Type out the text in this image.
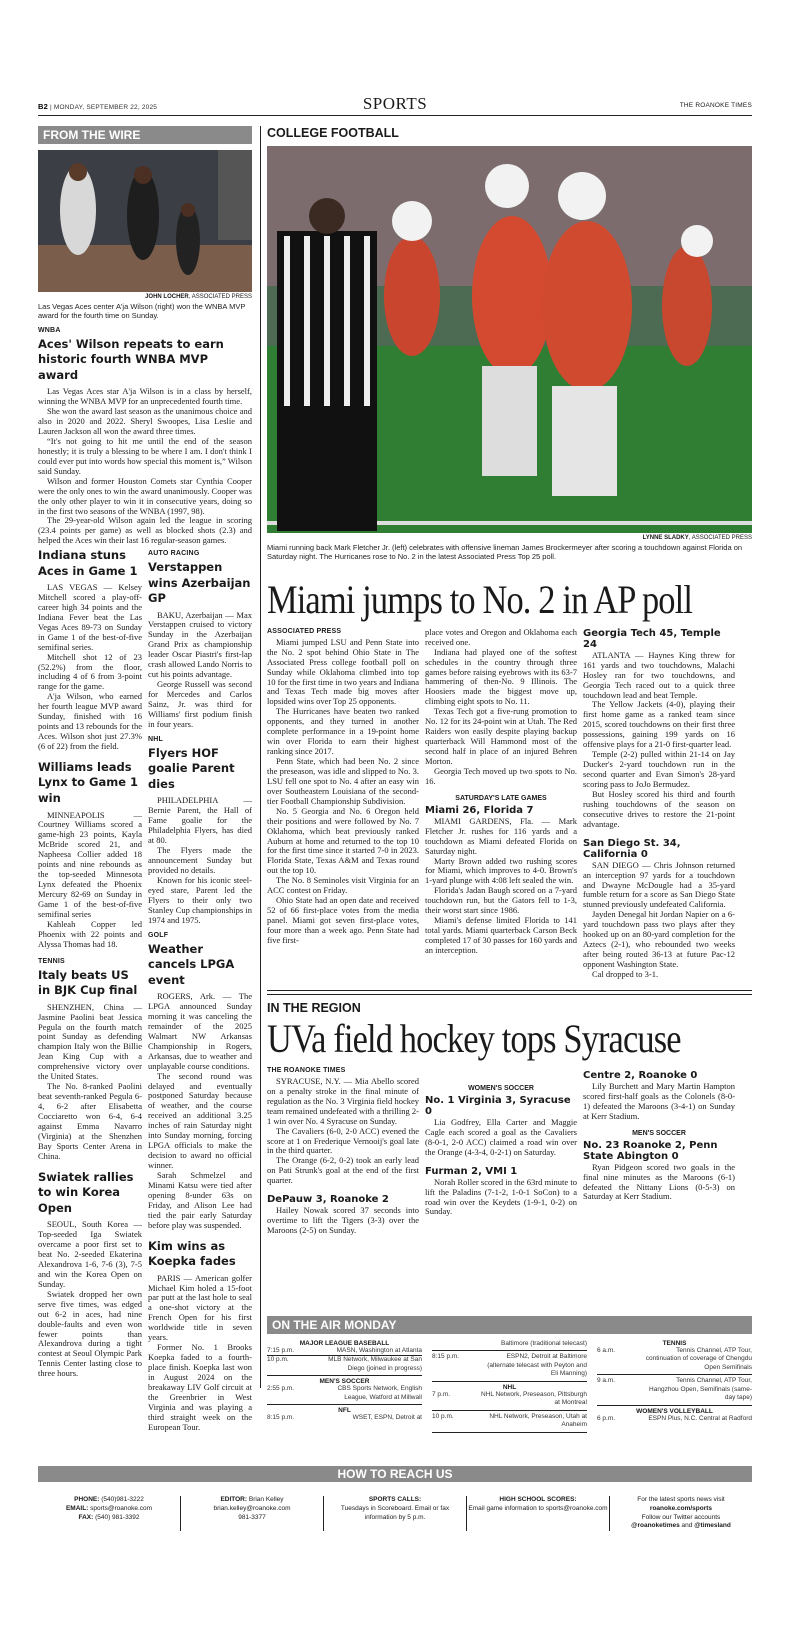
B2 | MONDAY, SEPTEMBER 22, 2025	SPORTS	THE ROANOKE TIMES
FROM THE WIRE
JOHN LOCHER, ASSOCIATED PRESS
Las Vegas Aces center A'ja Wilson (right) won the WNBA MVP award for the fourth time on Sunday.
WNBA
Aces' Wilson repeats to earn historic fourth WNBA MVP award

Las Vegas Aces star A'ja Wilson is in a class by herself, winning the WNBA MVP for an unprecedented fourth time.

She won the award last season as the unanimous choice and also in 2020 and 2022. Sheryl Swoopes, Lisa Leslie and Lauren Jackson all won the award three times.

“It's not going to hit me until the end of the season honestly; it is truly a blessing to be where I am. I don't think I could ever put into words how special this moment is,” Wilson said Sunday.

Wilson and former Houston Comets star Cynthia Cooper were the only ones to win the award unanimously. Cooper was the only other player to win it in consecutive years, doing so in the first two seasons of the WNBA (1997, 98).

The 29-year-old Wilson again led the league in scoring (23.4 points per game) as well as blocked shots (2.3) and helped the Aces win their last 16 regular-season games.

Indiana stuns Aces in Game 1

LAS VEGAS — Kelsey Mitchell scored a play-off-career high 34 points and the Indiana Fever beat the Las Vegas Aces 89-73 on Sunday in Game 1 of the best-of-five semifinal series.

Mitchell shot 12 of 23 (52.2%) from the floor, including 4 of 6 from 3-point range for the game.

A'ja Wilson, who earned her fourth league MVP award Sunday, finished with 16 points and 13 rebounds for the Aces. Wilson shot just 27.3% (6 of 22) from the field.

Williams leads Lynx to Game 1 win

MINNEAPOLIS — Courtney Williams scored a game-high 23 points, Kayla McBride scored 21, and Napheesa Collier added 18 points and nine rebounds as the top-seeded Minnesota Lynx defeated the Phoenix Mercury 82-69 on Sunday in Game 1 of the best-of-five semifinal series

Kahleah Copper led Phoenix with 22 points and Alyssa Thomas had 18.

TENNIS
Italy beats US in BJK Cup final

SHENZHEN, China — Jasmine Paolini beat Jessica Pegula on the fourth match point Sunday as defending champion Italy won the Billie Jean King Cup with a comprehensive victory over the United States.

The No. 8-ranked Paolini beat seventh-ranked Pegula 6-4, 6-2 after Elisabetta Cocciaretto won 6-4, 6-4 against Emma Navarro (Virginia) at the Shenzhen Bay Sports Center Arena in China.

Swiatek rallies to win Korea Open

SEOUL, South Korea — Top-seeded Iga Swiatek overcame a poor first set to beat No. 2-seeded Ekaterina Alexandrova 1-6, 7-6 (3), 7-5 and win the Korea Open on Sunday.

Swiatek dropped her own serve five times, was edged out 6-2 in aces, had nine double-faults and even won fewer points than Alexandrova during a tight contest at Seoul Olympic Park Tennis Center lasting close to three hours.

AUTO RACING
Verstappen wins Azerbaijan GP

BAKU, Azerbaijan — Max Verstappen cruised to victory Sunday in the Azerbaijan Grand Prix as championship leader Oscar Piastri's first-lap crash allowed Lando Norris to cut his points advantage.

George Russell was second for Mercedes and Carlos Sainz, Jr. was third for Williams' first podium finish in four years.

NHL
Flyers HOF goalie Parent dies

PHILADELPHIA — Bernie Parent, the Hall of Fame goalie for the Philadelphia Flyers, has died at 80.

The Flyers made the announcement Sunday but provided no details.

Known for his iconic steel-eyed stare, Parent led the Flyers to their only two Stanley Cup championships in 1974 and 1975.

GOLF
Weather cancels LPGA event

ROGERS, Ark. — The LPGA announced Sunday morning it was canceling the remainder of the 2025 Walmart NW Arkansas Championship in Rogers, Arkansas, due to weather and unplayable course conditions.

The second round was delayed and eventually postponed Saturday because of weather, and the course received an additional 3.25 inches of rain Saturday night into Sunday morning, forcing LPGA officials to make the decision to award no official winner.

Sarah Schmelzel and Minami Katsu were tied after opening 8-under 63s on Friday, and Alison Lee had tied the pair early Saturday before play was suspended.

Kim wins as Koepka fades

PARIS — American golfer Michael Kim holed a 15-foot par putt at the last hole to seal a one-shot victory at the French Open for his first worldwide title in seven years.

Former No. 1 Brooks Koepka faded to a fourth-place finish. Koepka last won in August 2024 on the breakaway LIV Golf circuit at the Greenbrier in West Virginia and was playing a third straight week on the European Tour.

COLLEGE FOOTBALL
LYNNE SLADKY, ASSOCIATED PRESS
Miami running back Mark Fletcher Jr. (left) celebrates with offensive lineman James Brockermeyer after scoring a touchdown against Florida on Saturday night. The Hurricanes rose to No. 2 in the latest Associated Press Top 25 poll.
Miami jumps to No. 2 in AP poll
ASSOCIATED PRESS

Miami jumped LSU and Penn State into the No. 2 spot behind Ohio State in The Associated Press college football poll on Sunday while Oklahoma climbed into top 10 for the first time in two years and Indiana and Texas Tech made big moves after lopsided wins over Top 25 opponents.

The Hurricanes have beaten two ranked opponents, and they turned in another complete performance in a 19-point home win over Florida to earn their highest ranking since 2017.

Penn State, which had been No. 2 since the preseason, was idle and slipped to No. 3. LSU fell one spot to No. 4 after an easy win over Southeastern Louisiana of the second-tier Football Championship Subdivision.

No. 5 Georgia and No. 6 Oregon held their positions and were followed by No. 7 Oklahoma, which beat previously ranked Auburn at home and returned to the top 10 for the first time since it started 7-0 in 2023. Florida State, Texas A&M and Texas round out the top 10.

The No. 8 Seminoles visit Virginia for an ACC contest on Friday.

Ohio State had an open date and received 52 of 66 first-place votes from the media panel. Miami got seven first-place votes, four more than a week ago. Penn State had five first-

place votes and Oregon and Oklahoma each received one.

Indiana had played one of the softest schedules in the country through three games before raising eyebrows with its 63-7 hammering of then-No. 9 Illinois. The Hoosiers made the biggest move up, climbing eight spots to No. 11.

Texas Tech got a five-rung promotion to No. 12 for its 24-point win at Utah. The Red Raiders won easily despite playing backup quarterback Will Hammond most of the second half in place of an injured Behren Morton.

Georgia Tech moved up two spots to No. 16.

SATURDAY'S LATE GAMES
Miami 26, Florida 7

MIAMI GARDENS, Fla. — Mark Fletcher Jr. rushes for 116 yards and a touchdown as Miami defeated Florida on Saturday night.

Marty Brown added two rushing scores for Miami, which improves to 4-0. Brown's 1-yard plunge with 4:08 left sealed the win.

Florida's Jadan Baugh scored on a 7-yard touchdown run, but the Gators fell to 1-3, their worst start since 1986.

Miami's defense limited Florida to 141 total yards. Miami quarterback Carson Beck completed 17 of 30 passes for 160 yards and an interception.

Georgia Tech 45, Temple 24

ATLANTA — Haynes King threw for 161 yards and two touchdowns, Malachi Hosley ran for two touchdowns, and Georgia Tech raced out to a quick three touchdown lead and beat Temple.

The Yellow Jackets (4-0), playing their first home game as a ranked team since 2015, scored touchdowns on their first three possessions, gaining 199 yards on 16 offensive plays for a 21-0 first-quarter lead.

Temple (2-2) pulled within 21-14 on Jay Ducker's 2-yard touchdown run in the second quarter and Evan Simon's 28-yard scoring pass to JoJo Bermudez.

But Hosley scored his third and fourth rushing touchdowns of the season on consecutive drives to restore the 21-point advantage.

San Diego St. 34, California 0

SAN DIEGO — Chris Johnson returned an interception 97 yards for a touchdown and Dwayne McDougle had a 35-yard fumble return for a score as San Diego State stunned previously undefeated California.

Jayden Denegal hit Jordan Napier on a 6-yard touchdown pass two plays after they hooked up on an 80-yard completion for the Aztecs (2-1), who rebounded two weeks after being routed 36-13 at future Pac-12 opponent Washington State.

Cal dropped to 3-1.

IN THE REGION
UVa field hockey tops Syracuse
THE ROANOKE TIMES

SYRACUSE, N.Y. — Mia Abello scored on a penalty stroke in the final minute of regulation as the No. 3 Virginia field hockey team remained undefeated with a thrilling 2-1 win over No. 4 Syracuse on Sunday.

The Cavaliers (6-0, 2-0 ACC) evened the score at 1 on Frederique Vernooij's goal late in the third quarter.

The Orange (6-2, 0-2) took an early lead on Pati Strunk's goal at the end of the first quarter.

DePauw 3, Roanoke 2

Hailey Nowak scored 37 seconds into overtime to lift the Tigers (3-3) over the Maroons (2-5) on Sunday.

WOMEN'S SOCCER
No. 1 Virginia 3, Syracuse 0

Lia Godfrey, Ella Carter and Maggie Cagle each scored a goal as the Cavaliers (8-0-1, 2-0 ACC) claimed a road win over the Orange (4-3-4, 0-2-1) on Saturday.

Furman 2, VMI 1

Norah Roller scored in the 63rd minute to lift the Paladins (7-1-2, 1-0-1 SoCon) to a road win over the Keydets (1-9-1, 0-2) on Sunday.

Centre 2, Roanoke 0

Lily Burchett and Mary Martin Hampton scored first-half goals as the Colonels (8-0-1) defeated the Maroons (3-4-1) on Sunday at Kerr Stadium.

MEN'S SOCCER
No. 23 Roanoke 2, Penn State Abington 0

Ryan Pidgeon scored two goals in the final nine minutes as the Maroons (6-1) defeated the Nittany Lions (0-5-3) on Saturday at Kerr Stadium.

ON THE AIR MONDAY
MAJOR LEAGUE BASEBALL
7:15 p.m.	MASN, Washington at Atlanta
10 p.m.	MLB Network, Milwaukee at San Diego (joined in progress)
MEN'S SOCCER
2:55 p.m.	CBS Sports Network, English League, Watford at Millwall
NFL
8:15 p.m.	WSET, ESPN, Detroit at
Baltimore (traditional telecast)
8:15 p.m.	ESPN2, Detroit at Baltimore (alternate telecast with Peyton and Eli Manning)
NHL
7 p.m.	NHL Network, Preseason, Pittsburgh at Montreal
10 p.m.	NHL Network, Preseason, Utah at Anaheim
TENNIS
6 a.m.	Tennis Channel, ATP Tour, continuation of coverage of Chengdu Open Semifinals
9 a.m.	Tennis Channel, ATP Tour, Hangzhou Open, Semifinals (same-day tape)
WOMEN'S VOLLEYBALL
6 p.m.	ESPN Plus, N.C. Central at Radford
HOW TO REACH US
PHONE: (540)981-3222
EMAIL: sports@roanoke.com
FAX: (540) 981-3392
EDITOR: Brian Kelley
brian.kelley@roanoke.com
981-3377
SPORTS CALLS:
Tuesdays in Scoreboard. Email or fax information by 5 p.m.
HIGH SCHOOL SCORES:
Email game information to sports@roanoke.com
For the latest sports news visit
roanoke.com/sports
Follow our Twitter accounts
@roanoketimes and @timesland
